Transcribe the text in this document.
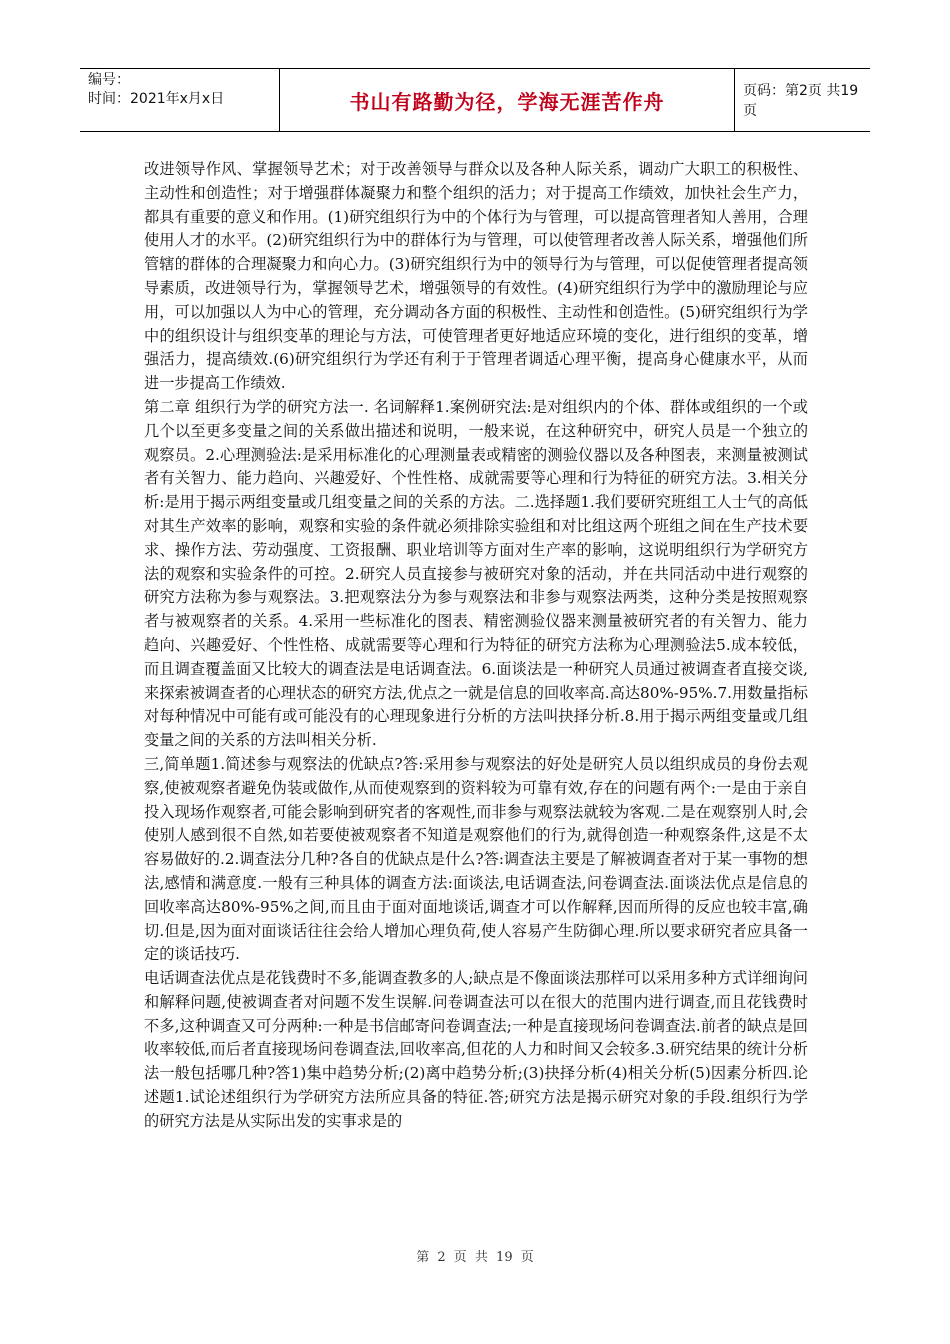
编号：
时间：2021年x月x日	书山有路勤为径，学海无涯苦作舟	页码：第2页 共19页

改进领导作风、掌握领导艺术；对于改善领导与群众以及各种人际关系，调动广大职工的积极性、主动性和创造性；对于增强群体凝聚力和整个组织的活力；对于提高工作绩效，加快社会生产力，都具有重要的意义和作用。(1)研究组织行为中的个体行为与管理，可以提高管理者知人善用，合理使用人才的水平。(2)研究组织行为中的群体行为与管理，可以使管理者改善人际关系，增强他们所管辖的群体的合理凝聚力和向心力。(3)研究组织行为中的领导行为与管理，可以促使管理者提高领导素质，改进领导行为，掌握领导艺术，增强领导的有效性。(4)研究组织行为学中的激励理论与应用，可以加强以人为中心的管理，充分调动各方面的积极性、主动性和创造性。(5)研究组织行为学中的组织设计与组织变革的理论与方法，可使管理者更好地适应环境的变化，进行组织的变革，增强活力，提高绩效.(6)研究组织行为学还有利于于管理者调适心理平衡，提高身心健康水平，从而进一步提高工作绩效.

第二章 组织行为学的研究方法一. 名词解释1.案例研究法:是对组织内的个体、群体或组织的一个或几个以至更多变量之间的关系做出描述和说明，一般来说，在这种研究中，研究人员是一个独立的观察员。2.心理测验法:是采用标准化的心理测量表或精密的测验仪器以及各种图表，来测量被测试者有关智力、能力趋向、兴趣爱好、个性性格、成就需要等心理和行为特征的研究方法。3.相关分析:是用于揭示两组变量或几组变量之间的关系的方法。二.选择题1.我们要研究班组工人士气的高低对其生产效率的影响，观察和实验的条件就必须排除实验组和对比组这两个班组之间在生产技术要求、操作方法、劳动强度、工资报酬、职业培训等方面对生产率的影响，这说明组织行为学研究方法的观察和实验条件的可控。2.研究人员直接参与被研究对象的活动，并在共同活动中进行观察的研究方法称为参与观察法。3.把观察法分为参与观察法和非参与观察法两类，这种分类是按照观察者与被观察者的关系。4.采用一些标准化的图表、精密测验仪器来测量被研究者的有关智力、能力趋向、兴趣爱好、个性性格、成就需要等心理和行为特征的研究方法称为心理测验法5.成本较低，而且调查覆盖面又比较大的调查法是电话调查法。6.面谈法是一种研究人员通过被调查者直接交谈,来探索被调查者的心理状态的研究方法,优点之一就是信息的回收率高.高达80%-95%.7.用数量指标对每种情况中可能有或可能没有的心理现象进行分析的方法叫抉择分析.8.用于揭示两组变量或几组变量之间的关系的方法叫相关分析.

三,简单题1.简述参与观察法的优缺点?答:采用参与观察法的好处是研究人员以组织成员的身份去观察,使被观察者避免伪装或做作,从而使观察到的资料较为可靠有效,存在的问题有两个:一是由于亲自投入现场作观察者,可能会影响到研究者的客观性,而非参与观察法就较为客观.二是在观察别人时,会使别人感到很不自然,如若要使被观察者不知道是观察他们的行为,就得创造一种观察条件,这是不太容易做好的.2.调查法分几种?各自的优缺点是什么?答:调查法主要是了解被调查者对于某一事物的想法,感情和满意度.一般有三种具体的调查方法:面谈法,电话调查法,问卷调查法.面谈法优点是信息的回收率高达80%-95%之间,而且由于面对面地谈话,调查才可以作解释,因而所得的反应也较丰富,确切.但是,因为面对面谈话往往会给人增加心理负荷,使人容易产生防御心理.所以要求研究者应具备一定的谈话技巧.

电话调查法优点是花钱费时不多,能调查教多的人;缺点是不像面谈法那样可以采用多种方式详细询问和解释问题,使被调查者对问题不发生误解.问卷调查法可以在很大的范围内进行调查,而且花钱费时不多,这种调查又可分两种:一种是书信邮寄问卷调查法;一种是直接现场问卷调查法.前者的缺点是回收率较低,而后者直接现场问卷调查法,回收率高,但花的人力和时间又会较多.3.研究结果的统计分析法一般包括哪几种?答1)集中趋势分析;(2)离中趋势分析;(3)抉择分析(4)相关分析(5)因素分析四.论述题1.试论述组织行为学研究方法所应具备的特征.答;研究方法是揭示研究对象的手段.组织行为学的研究方法是从实际出发的实事求是的

第 2 页 共 19 页
